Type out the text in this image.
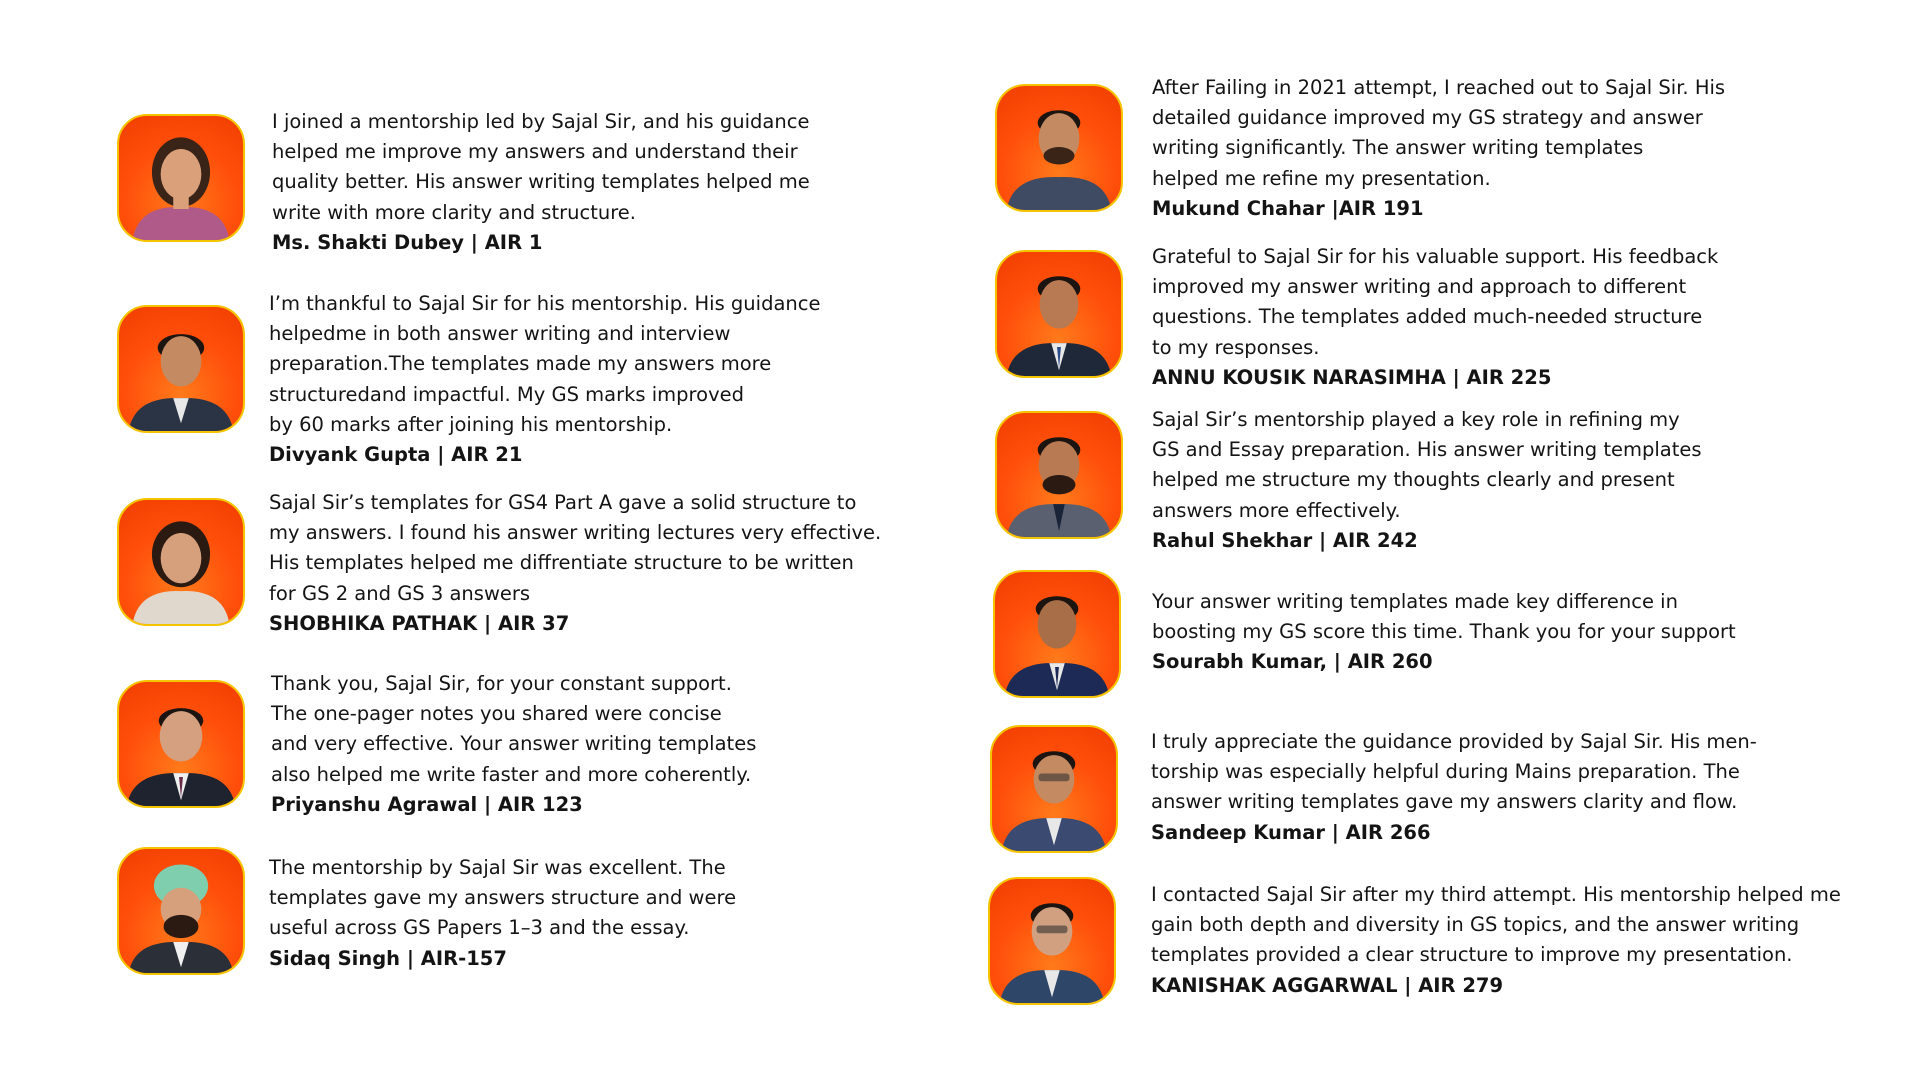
I joined a mentorship led by Sajal Sir, and his guidance
helped me improve my answers and understand their
quality better. His answer writing templates helped me
write with more clarity and structure.
Ms. Shakti Dubey | AIR 1
I’m thankful to Sajal Sir for his mentorship. His guidance
helpedme in both answer writing and interview
preparation.The templates made my answers more
structuredand impactful. My GS marks improved
by 60 marks after joining his mentorship.
Divyank Gupta | AIR 21
Sajal Sir’s templates for GS4 Part A gave a solid structure to
my answers. I found his answer writing lectures very effective.
His templates helped me diffrentiate structure to be written
for GS 2 and GS 3 answers
SHOBHIKA PATHAK | AIR 37
Thank you, Sajal Sir, for your constant support.
The one-pager notes you shared were concise
and very effective. Your answer writing templates
also helped me write faster and more coherently.
Priyanshu Agrawal | AIR 123
The mentorship by Sajal Sir was excellent. The
templates gave my answers structure and were
useful across GS Papers 1–3 and the essay.
Sidaq Singh | AIR-157
After Failing in 2021 attempt, I reached out to Sajal Sir. His
detailed guidance improved my GS strategy and answer
writing significantly. The answer writing templates
helped me refine my presentation.
Mukund Chahar |AIR 191
Grateful to Sajal Sir for his valuable support. His feedback
improved my answer writing and approach to different
questions. The templates added much-needed structure
to my responses.
ANNU KOUSIK NARASIMHA | AIR 225
Sajal Sir’s mentorship played a key role in refining my
GS and Essay preparation. His answer writing templates
helped me structure my thoughts clearly and present
answers more effectively.
Rahul Shekhar | AIR 242
Your answer writing templates made key difference in
boosting my GS score this time. Thank you for your support
Sourabh Kumar, | AIR 260
I truly appreciate the guidance provided by Sajal Sir. His men-
torship was especially helpful during Mains preparation. The
answer writing templates gave my answers clarity and flow.
Sandeep Kumar | AIR 266
I contacted Sajal Sir after my third attempt. His mentorship helped me
gain both depth and diversity in GS topics, and the answer writing
templates provided a clear structure to improve my presentation.
KANISHAK AGGARWAL | AIR 279
